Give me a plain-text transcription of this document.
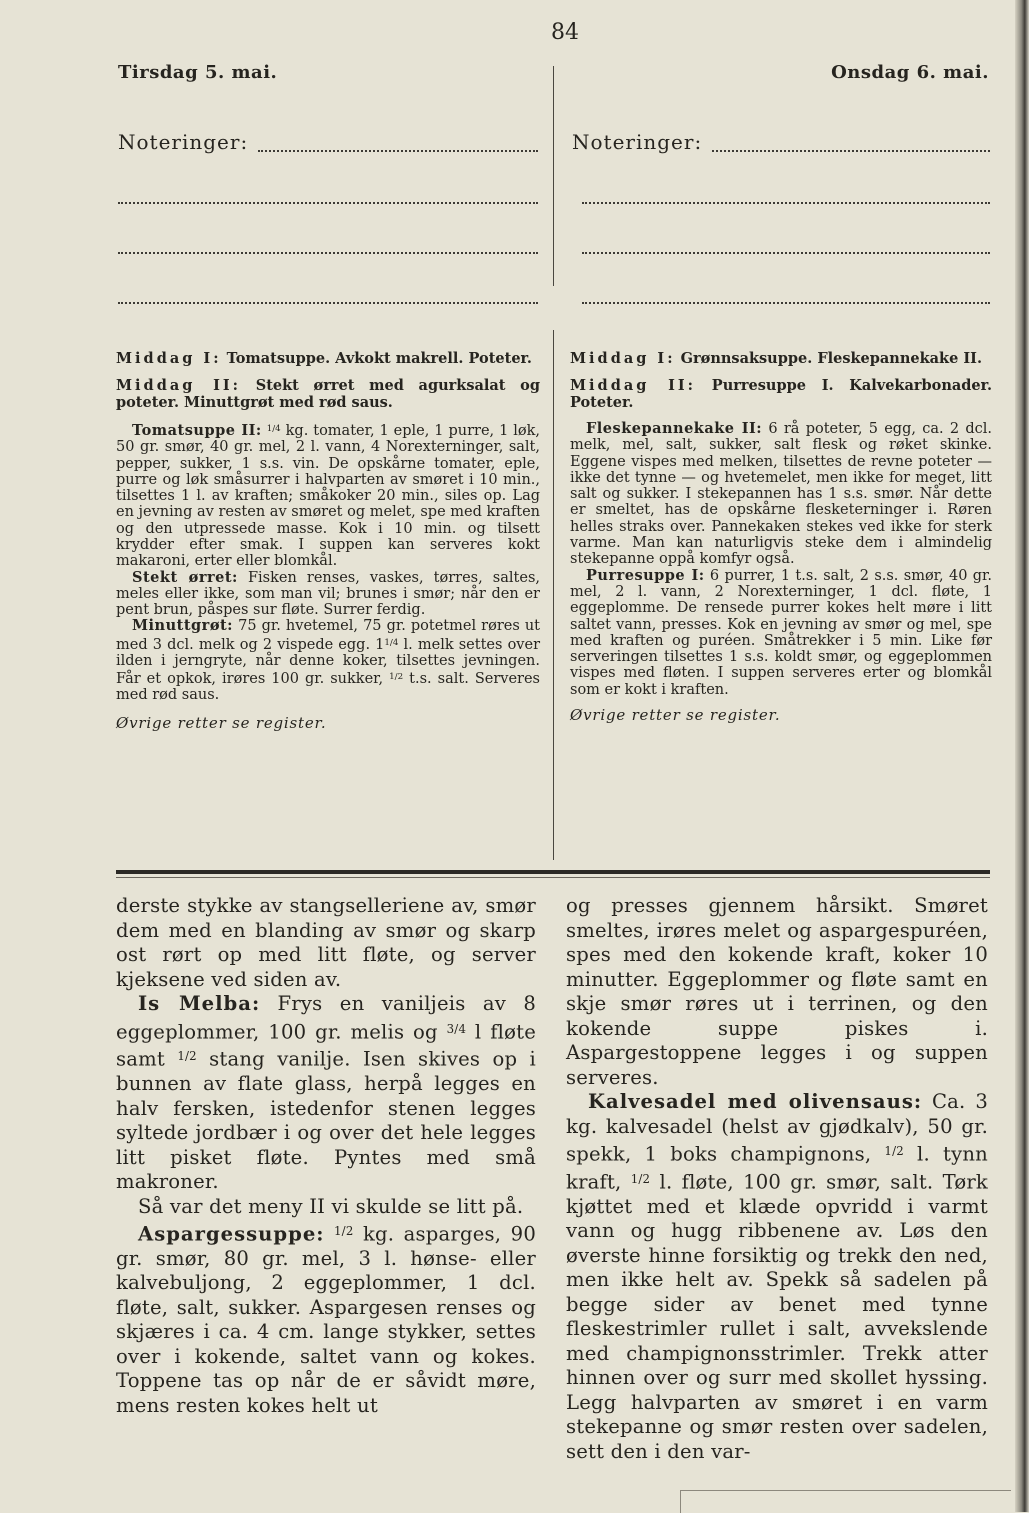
84
Tirsdag 5. mai.	Onsdag 6. mai.
Noteringer:	Noteringer:

Middag I: Tomatsuppe. Avkokt makrell. Poteter.

Middag II: Stekt ørret med agurksalat og poteter. Minuttgrøt med rød saus.

Tomatsuppe II: $^{1/4}$ kg. tomater, 1 eple, 1 purre, 1 løk, 50 gr. smør, 40 gr. mel, 2 l. vann, 4 Norexterninger, salt, pepper, sukker, 1 s.s. vin. De opskårne tomater, eple, purre og løk småsurrer i halvparten av smøret i 10 min., tilsettes 1 l. av kraften; småkoker 20 min., siles op. Lag en jevning av resten av smøret og melet, spe med kraften og den utpressede masse. Kok i 10 min. og tilsett krydder efter smak. I suppen kan serveres kokt makaroni, erter eller blomkål.

Stekt ørret: Fisken renses, vaskes, tørres, saltes, meles eller ikke, som man vil; brunes i smør; når den er pent brun, påspes sur fløte. Surrer ferdig.

Minuttgrøt: 75 gr. hvetemel, 75 gr. potetmel røres ut med 3 dcl. melk og 2 vispede egg. $1^{1/4}$ l. melk settes over ilden i jerngryte, når denne koker, tilsettes jevningen. Får et opkok, irøres 100 gr. sukker, $^{1/2}$ t.s. salt. Serveres med rød saus.

Øvrige retter se register.

Middag I: Grønnsaksuppe. Fleskepannekake II.

Middag II: Purresuppe I. Kalvekarbonader. Poteter.

Fleskepannekake II: 6 rå poteter, 5 egg, ca. 2 dcl. melk, mel, salt, sukker, salt flesk og røket skinke. Eggene vispes med melken, tilsettes de revne poteter — ikke det tynne — og hvetemelet, men ikke for meget, litt salt og sukker. I stekepannen has 1 s.s. smør. Når dette er smeltet, has de opskårne flesketerninger i. Røren helles straks over. Pannekaken stekes ved ikke for sterk varme. Man kan naturligvis steke dem i almindelig stekepanne oppå komfyr også.

Purresuppe I: 6 purrer, 1 t.s. salt, 2 s.s. smør, 40 gr. mel, 2 l. vann, 2 Norexterninger, 1 dcl. fløte, 1 eggeplomme. De rensede purrer kokes helt møre i litt saltet vann, presses. Kok en jevning av smør og mel, spe med kraften og puréen. Småtrekker i 5 min. Like før serveringen tilsettes 1 s.s. koldt smør, og eggeplommen vispes med fløten. I suppen serveres erter og blomkål som er kokt i kraften.

Øvrige retter se register.

derste stykke av stangselleriene av, smør dem med en blanding av smør og skarp ost rørt op med litt fløte, og server kjeksene ved siden av.

Is Melba: Frys en vaniljeis av 8 eggeplommer, 100 gr. melis og $^{3/4}$ l fløte samt $^{1/2}$ stang vanilje. Isen skives op i bunnen av flate glass, herpå legges en halv fersken, istedenfor stenen legges syltede jordbær i og over det hele legges litt pisket fløte. Pyntes med små makroner.

Så var det meny II vi skulde se litt på.

Aspargessuppe: $^{1/2}$ kg. asparges, 90 gr. smør, 80 gr. mel, 3 l. hønse- eller kalvebuljong, 2 eggeplommer, 1 dcl. fløte, salt, sukker. Aspargesen renses og skjæres i ca. 4 cm. lange stykker, settes over i kokende, saltet vann og kokes. Toppene tas op når de er såvidt møre, mens resten kokes helt ut

og presses gjennem hårsikt. Smøret smeltes, irøres melet og aspargespuréen, spes med den kokende kraft, koker 10 minutter. Eggeplommer og fløte samt en skje smør røres ut i terrinen, og den kokende suppe piskes i. Aspargestoppene legges i og suppen serveres.

Kalvesadel med olivensaus: Ca. 3 kg. kalvesadel (helst av gjødkalv), 50 gr. spekk, 1 boks champignons, $^{1/2}$ l. tynn kraft, $^{1/2}$ l. fløte, 100 gr. smør, salt. Tørk kjøttet med et klæde opvridd i varmt vann og hugg ribbenene av. Løs den øverste hinne forsiktig og trekk den ned, men ikke helt av. Spekk så sadelen på begge sider av benet med tynne fleskestrimler rullet i salt, avvekslende med champignonsstrimler. Trekk atter hinnen over og surr med skollet hyssing. Legg halvparten av smøret i en varm stekepanne og smør resten over sadelen, sett den i den var-
